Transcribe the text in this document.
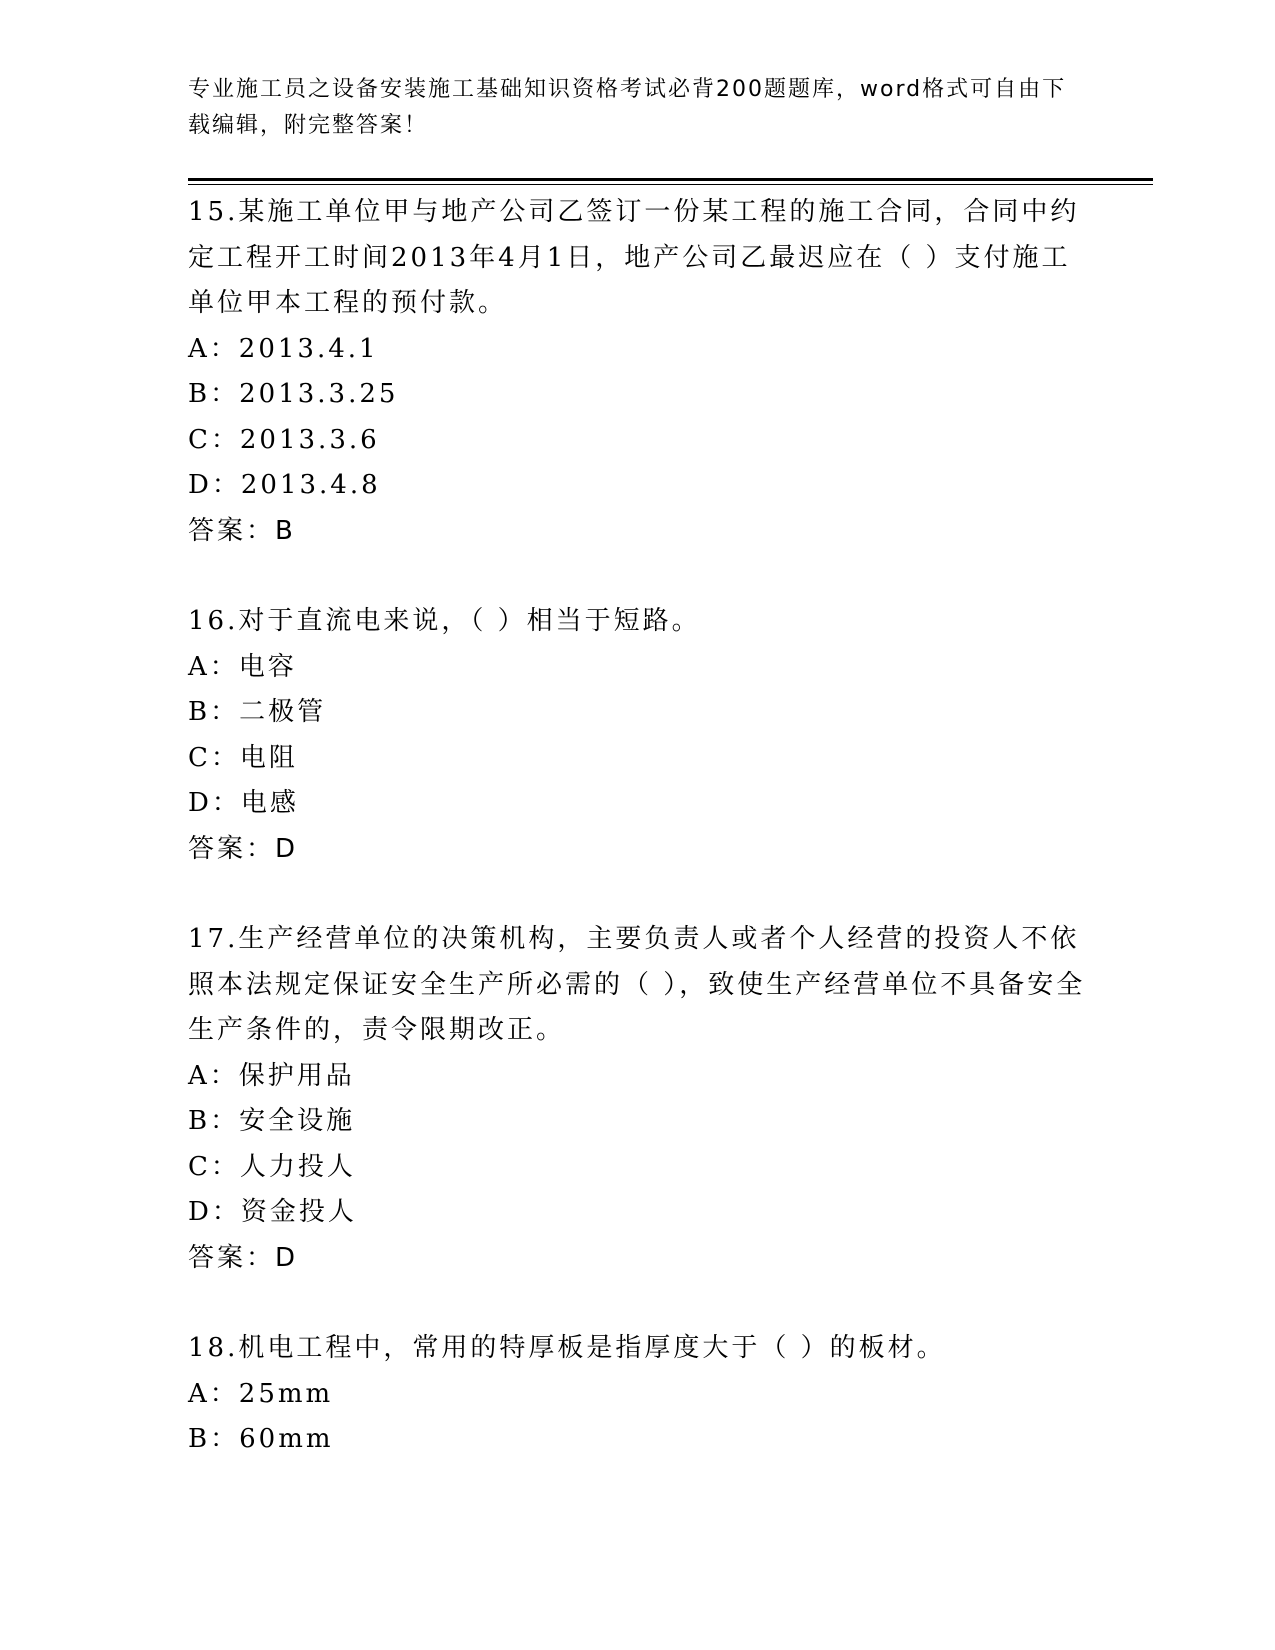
专业施工员之设备安装施工基础知识资格考试必背200题题库，word格式可自由下载编辑，附完整答案！

15.某施工单位甲与地产公司乙签订一份某工程的施工合同，合同中约定工程开工时间2013年4月1日，地产公司乙最迟应在（ ）支付施工单位甲本工程的预付款。

A：2013.4.1

B：2013.3.25

C：2013.3.6

D：2013.4.8

答案：B

16.对于直流电来说，（ ）相当于短路。

A：电容

B：二极管

C：电阻

D：电感

答案：D

17.生产经营单位的决策机构，主要负责人或者个人经营的投资人不依照本法规定保证安全生产所必需的（ ），致使生产经营单位不具备安全生产条件的，责令限期改正。

A：保护用品

B：安全设施

C：人力投人

D：资金投人

答案：D

18.机电工程中，常用的特厚板是指厚度大于（ ）的板材。

A：25mm

B：60mm
